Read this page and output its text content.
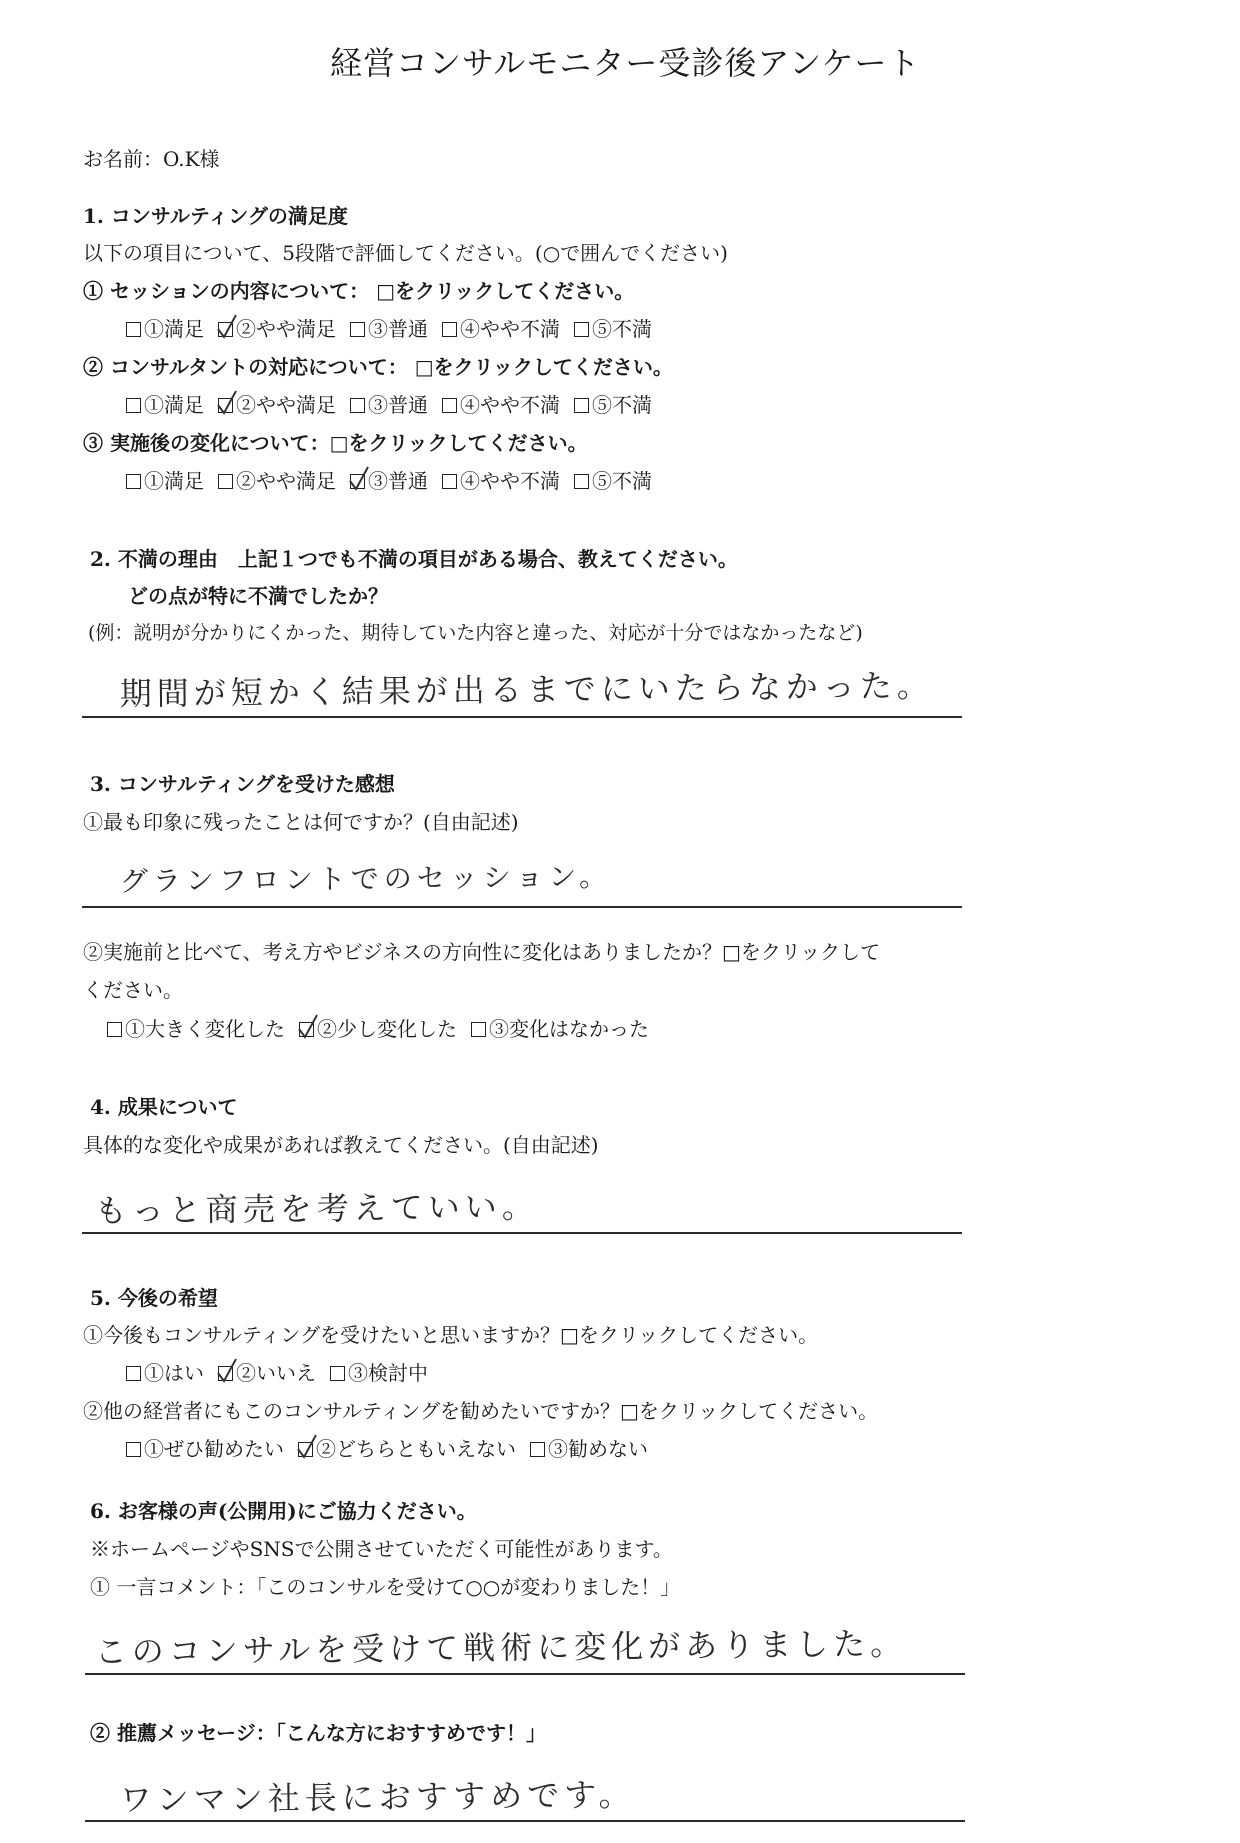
経営コンサルモニター受診後アンケート
お名前：O.K様
1. コンサルティングの満足度
以下の項目について、5段階で評価してください。(○で囲んでください)
① セッションの内容について： □をクリックしてください。
①満足 ②やや満足 ③普通 ④やや不満 ⑤不満
② コンサルタントの対応について： □をクリックしてください。
①満足 ②やや満足 ③普通 ④やや不満 ⑤不満
③ 実施後の変化について：□をクリックしてください。
①満足 ②やや満足 ③普通 ④やや不満 ⑤不満
2. 不満の理由　上記１つでも不満の項目がある場合、教えてください。
どの点が特に不満でしたか？
(例：説明が分かりにくかった、期待していた内容と違った、対応が十分ではなかったなど)
期間が短かく結果が出るまでにいたらなかった。
3. コンサルティングを受けた感想
①最も印象に残ったことは何ですか？(自由記述)
グランフロントでのセッション。
②実施前と比べて、考え方やビジネスの方向性に変化はありましたか？□をクリックして
ください。
①大きく変化した ②少し変化した ③変化はなかった
4. 成果について
具体的な変化や成果があれば教えてください。(自由記述)
もっと商売を考えていい。
5. 今後の希望
①今後もコンサルティングを受けたいと思いますか？□をクリックしてください。
①はい ②いいえ ③検討中
②他の経営者にもこのコンサルティングを勧めたいですか？□をクリックしてください。
①ぜひ勧めたい ②どちらともいえない ③勧めない
6. お客様の声(公開用)にご協力ください。
※ホームページやSNSで公開させていただく可能性があります。
① 一言コメント：「このコンサルを受けて○○が変わりました！」
このコンサルを受けて戦術に変化がありました。
② 推薦メッセージ：「こんな方におすすめです！」
ワンマン社長におすすめです。
